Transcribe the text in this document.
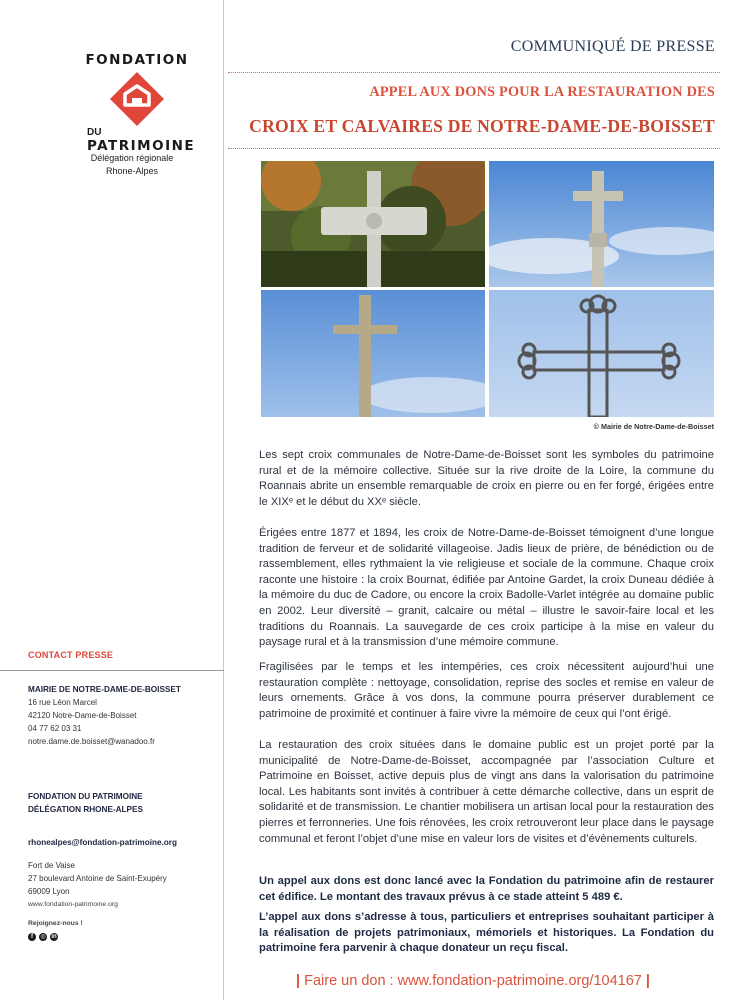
FONDATION
DU
PATRIMOINE
Délégation régionale
Rhone-Alpes
CONTACT PRESSE
MAIRIE DE NOTRE-DAME-DE-BOISSET
16 rue Léon Marcel
42120 Notre-Dame-de-Boisset
04 77 62 03 31
notre.dame.de.boisset@wanadoo.fr
FONDATION DU PATRIMOINE
DÉLÉGATION RHONE-ALPES
rhonealpes@fondation-patrimoine.org
Fort de Vaise
27 boulevard Antoine de Saint-Exupéry
69009 Lyon
www.fondation-patrimoine.org
Rejoignez-nous !
f	◎ in
COMMUNIQUÉ DE PRESSE
APPEL AUX DONS POUR LA RESTAURATION DES
CROIX ET CALVAIRES DE NOTRE-DAME-DE-BOISSET
© Mairie de Notre-Dame-de-Boisset
Les sept croix communales de Notre-Dame-de-Boisset sont les symboles du patrimoine rural et de la mémoire collective. Située sur la rive droite de la Loire, la commune du Roannais abrite un ensemble remarquable de croix en pierre ou en fer forgé, érigées entre le XIXᵉ et le début du XXᵉ siècle.
Érigées entre 1877 et 1894, les croix de Notre-Dame-de-Boisset témoignent d’une longue tradition de ferveur et de solidarité villageoise. Jadis lieux de prière, de bénédiction ou de rassemblement, elles rythmaient la vie religieuse et sociale de la commune. Chaque croix raconte une histoire : la croix Bournat, édifiée par Antoine Gardet, la croix Duneau dédiée à la mémoire du duc de Cadore, ou encore la croix Badolle-Varlet intégrée au domaine public en 2002. Leur diversité – granit, calcaire ou métal – illustre le savoir-faire local et les traditions du Roannais. La sauvegarde de ces croix participe à la mise en valeur du paysage rural et à la transmission d’une mémoire commune.
Fragilisées par le temps et les intempéries, ces croix nécessitent aujourd’hui une restauration complète : nettoyage, consolidation, reprise des socles et remise en valeur de leurs ornements. Grâce à vos dons, la commune pourra préserver durablement ce patrimoine de proximité et continuer à faire vivre la mémoire de ceux qui l’ont érigé.
La restauration des croix situées dans le domaine public est un projet porté par la municipalité de Notre-Dame-de-Boisset, accompagnée par l’association Culture et Patrimoine en Boisset, active depuis plus de vingt ans dans la valorisation du patrimoine local. Les habitants sont invités à contribuer à cette démarche collective, dans un esprit de solidarité et de transmission. Le chantier mobilisera un artisan local pour la restauration des pierres et ferronneries. Une fois rénovées, les croix retrouveront leur place dans le paysage communal et feront l’objet d’une mise en valeur lors de visites et d’évènements culturels.
Un appel aux dons est donc lancé avec la Fondation du patrimoine afin de restaurer cet édifice. Le montant des travaux prévus à ce stade atteint 5 489 €.
L’appel aux dons s’adresse à tous, particuliers et entreprises souhaitant participer à la réalisation de projets patrimoniaux, mémoriels et historiques. La Fondation du patrimoine fera parvenir à chaque donateur un reçu fiscal.
| Faire un don : www.fondation-patrimoine.org/104167 |
